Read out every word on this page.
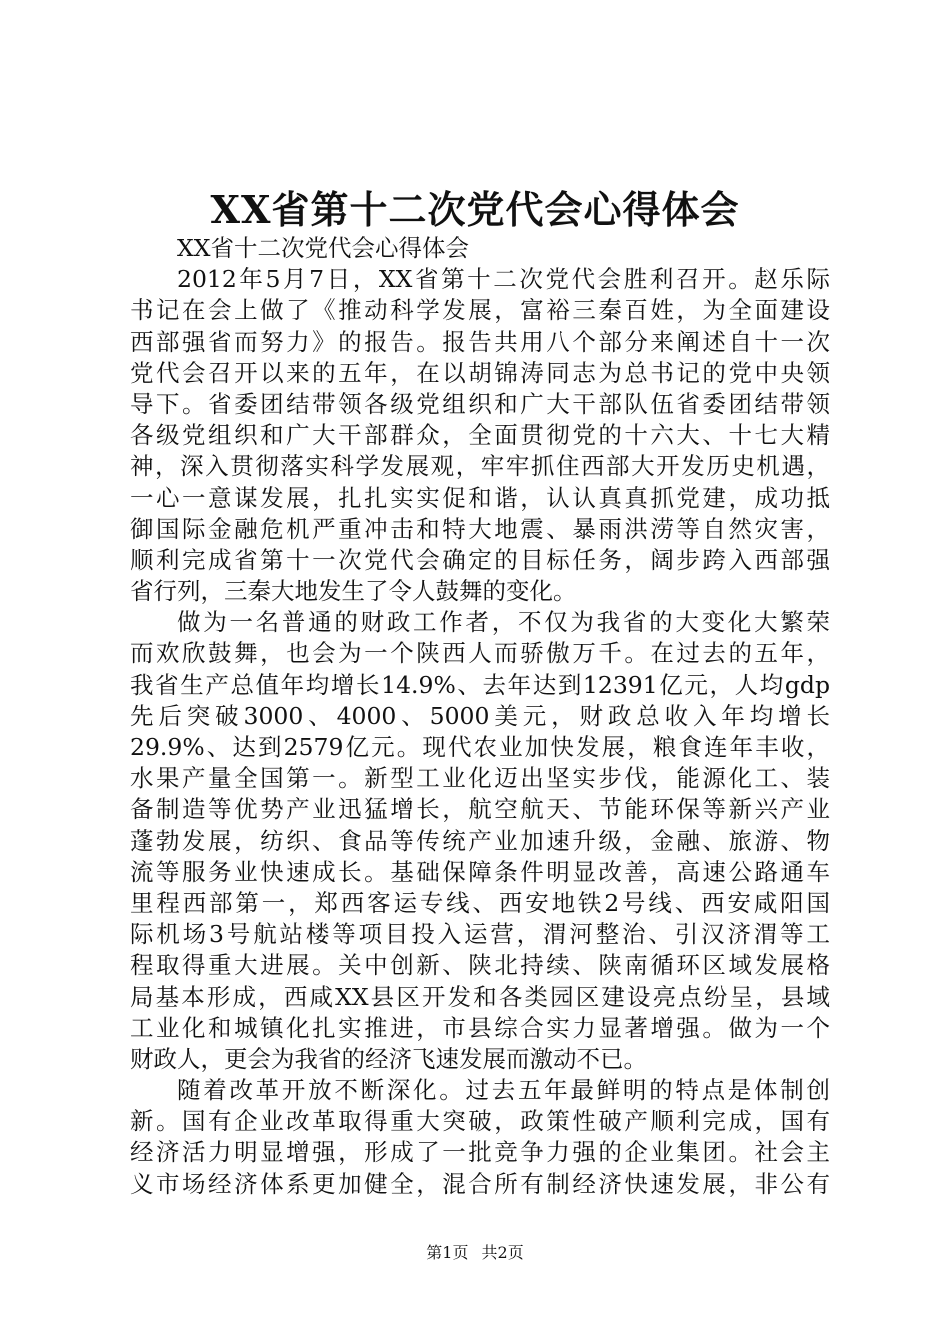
XX省第十二次党代会心得体会
XX省十二次党代会心得体会
2012年5月7日，XX省第十二次党代会胜利召开。赵乐际
书记在会上做了《推动科学发展，富裕三秦百姓，为全面建设
西部强省而努力》的报告。报告共用八个部分来阐述自十一次
党代会召开以来的五年，在以胡锦涛同志为总书记的党中央领
导下。省委团结带领各级党组织和广大干部队伍省委团结带领
各级党组织和广大干部群众，全面贯彻党的十六大、十七大精
神，深入贯彻落实科学发展观，牢牢抓住西部大开发历史机遇，
一心一意谋发展，扎扎实实促和谐，认认真真抓党建，成功抵
御国际金融危机严重冲击和特大地震、暴雨洪涝等自然灾害，
顺利完成省第十一次党代会确定的目标任务，阔步跨入西部强
省行列，三秦大地发生了令人鼓舞的变化。
做为一名普通的财政工作者，不仅为我省的大变化大繁荣
而欢欣鼓舞，也会为一个陕西人而骄傲万千。在过去的五年，
我省生产总值年均增长14.9%、去年达到12391亿元，人均gdp
先后突破3000、4000、5000美元，财政总收入年均增长
29.9%、达到2579亿元。现代农业加快发展，粮食连年丰收，
水果产量全国第一。新型工业化迈出坚实步伐，能源化工、装
备制造等优势产业迅猛增长，航空航天、节能环保等新兴产业
蓬勃发展，纺织、食品等传统产业加速升级，金融、旅游、物
流等服务业快速成长。基础保障条件明显改善，高速公路通车
里程西部第一，郑西客运专线、西安地铁2号线、西安咸阳国
际机场3号航站楼等项目投入运营，渭河整治、引汉济渭等工
程取得重大进展。关中创新、陕北持续、陕南循环区域发展格
局基本形成，西咸XX县区开发和各类园区建设亮点纷呈，县域
工业化和城镇化扎实推进，市县综合实力显著增强。做为一个
财政人，更会为我省的经济飞速发展而激动不已。
随着改革开放不断深化。过去五年最鲜明的特点是体制创
新。国有企业改革取得重大突破，政策性破产顺利完成，国有
经济活力明显增强，形成了一批竞争力强的企业集团。社会主
义市场经济体系更加健全，混合所有制经济快速发展，非公有
第1页 共2页
